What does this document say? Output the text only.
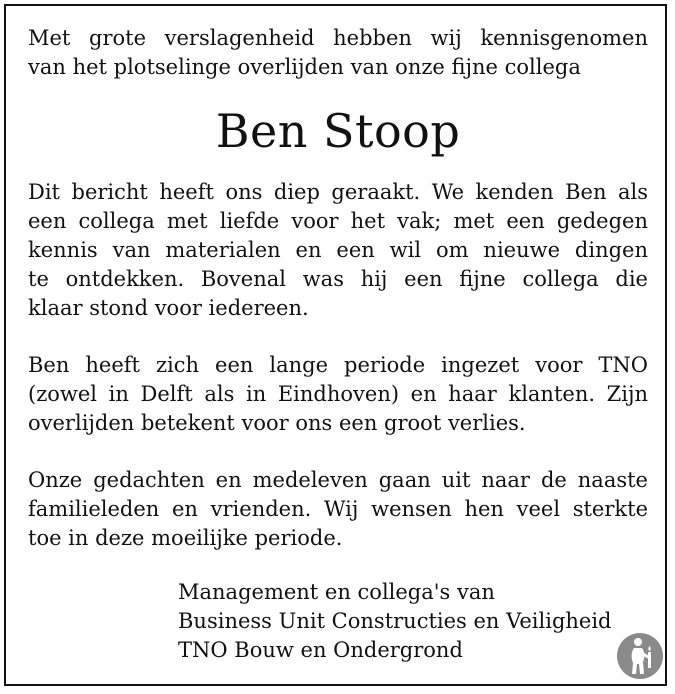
Met grote verslagenheid hebben wij kennisgenomen

van het plotselinge overlijden van onze fijne collega

Ben Stoop

Dit bericht heeft ons diep geraakt. We kenden Ben als

een collega met liefde voor het vak; met een gedegen

kennis van materialen en een wil om nieuwe dingen

te ontdekken. Bovenal was hij een fijne collega die

klaar stond voor iedereen.

Ben heeft zich een lange periode ingezet voor TNO

(zowel in Delft als in Eindhoven) en haar klanten. Zijn

overlijden betekent voor ons een groot verlies.

Onze gedachten en medeleven gaan uit naar de naaste

familieleden en vrienden. Wij wensen hen veel sterkte

toe in deze moeilijke periode.

Management en collega's van

Business Unit Constructies en Veiligheid

TNO Bouw en Ondergrond
